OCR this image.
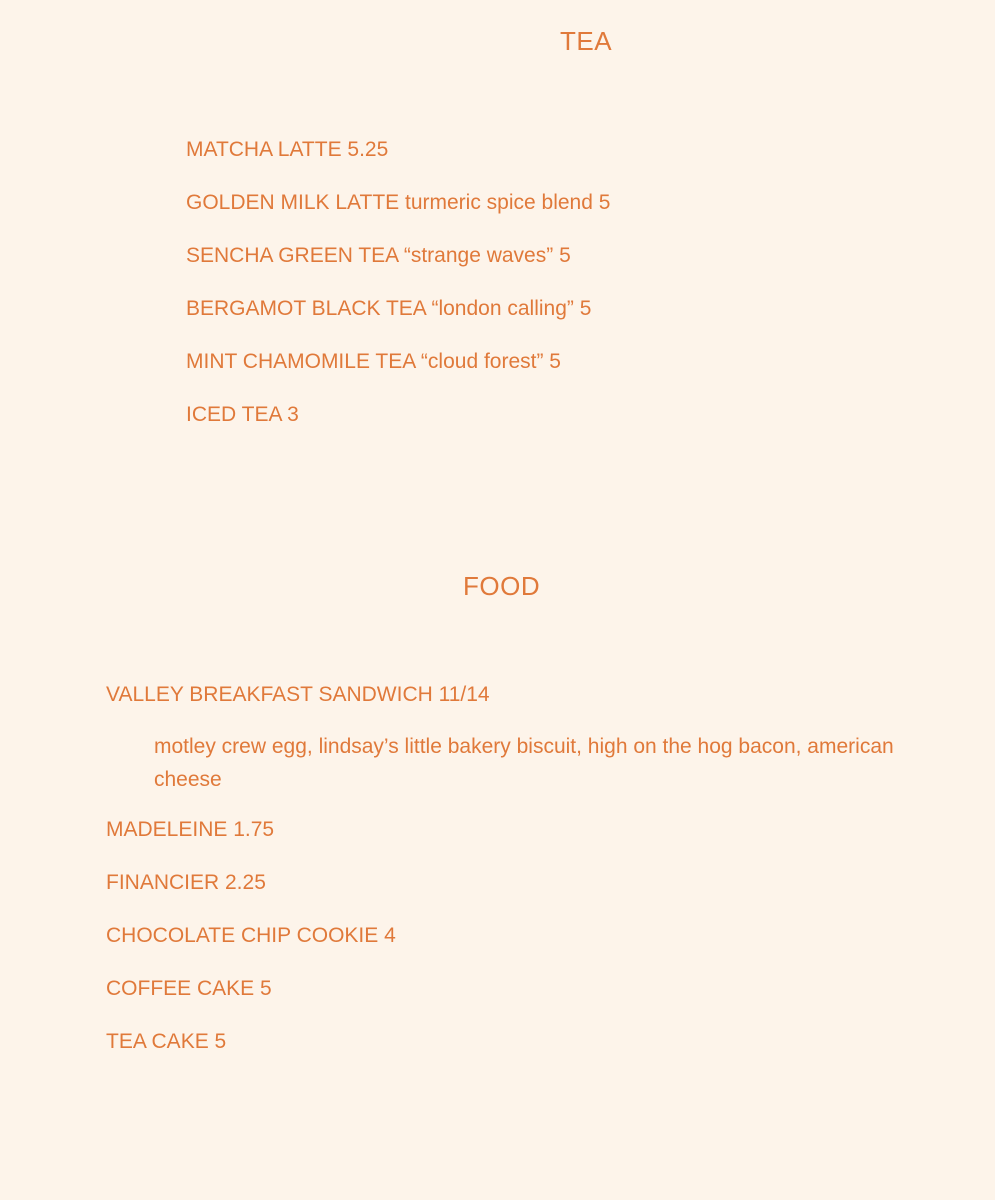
TEA
MATCHA LATTE 5.25
GOLDEN MILK LATTE turmeric spice blend 5
SENCHA GREEN TEA “strange waves” 5
BERGAMOT BLACK TEA “london calling” 5
MINT CHAMOMILE TEA “cloud forest” 5
ICED TEA 3
FOOD
VALLEY BREAKFAST SANDWICH 11/14
motley crew egg, lindsay’s little bakery biscuit, high on the hog bacon, american cheese
MADELEINE 1.75
FINANCIER 2.25
CHOCOLATE CHIP COOKIE 4
COFFEE CAKE 5
TEA CAKE 5
